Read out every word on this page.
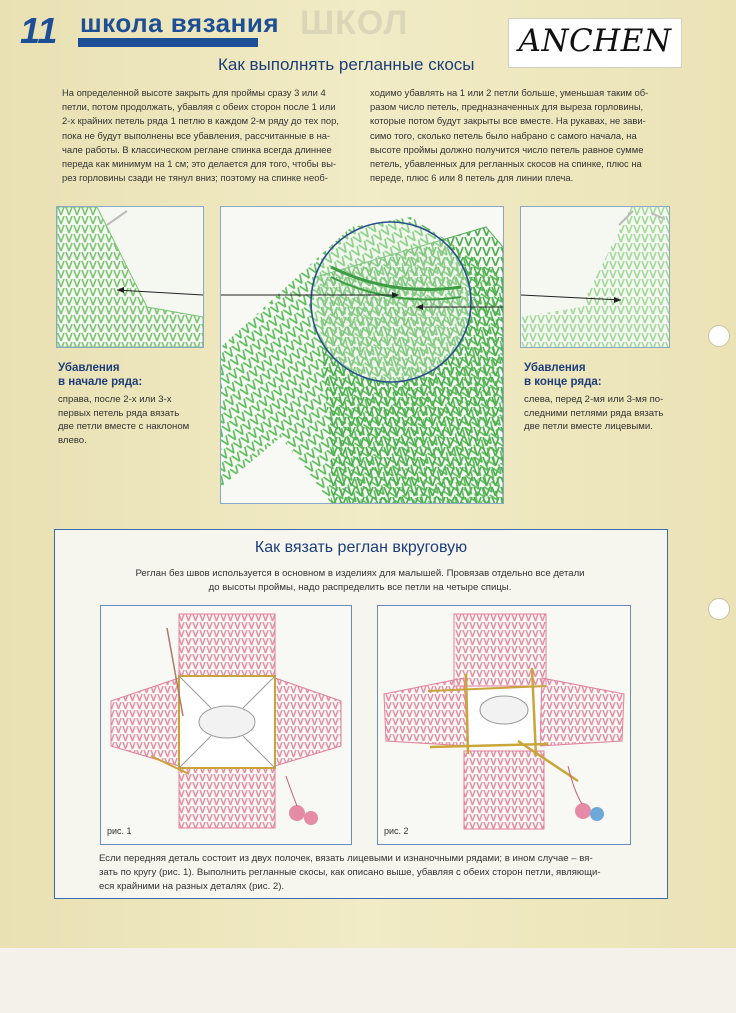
11 школа вязания ШКОЛ	ANCHEN
Как выполнять регланные скосы
На определенной высоте закрыть для проймы сразу 3 или 4
петли, потом продолжать, убавляя с обеих сторон после 1 или
2-х крайних петель ряда 1 петлю в каждом 2-м ряду до тех пор,
пока не будут выполнены все убавления, рассчитанные в на-
чале работы. В классическом реглане спинка всегда длиннее
переда как минимум на 1 см; это делается для того, чтобы вы-
рез горловины сзади не тянул вниз; поэтому на спинке необ-
ходимо убавлять на 1 или 2 петли больше, уменьшая таким об-
разом число петель, предназначенных для выреза горловины,
которые потом будут закрыты все вместе. На рукавах, не зави-
симо того, сколько петель было набрано с самого начала, на
высоте проймы должно получится число петель равное сумме
петель, убавленных для регланных скосов на спинке, плюс на
переде, плюс 6 или 8 петель для линии плеча.
Убавления
в начале ряда:
справа, после 2-х или 3-х
первых петель ряда вязать
две петли вместе с наклоном
влево.
Убавления
в конце ряда:
слева, перед 2-мя или 3-мя по-
следними петлями ряда вязать
две петли вместе лицевыми.
Как вязать реглан вкруговую
Реглан без швов используется в основном в изделиях для малышей. Провязав отдельно все детали
до высоты проймы, надо распределить все петли на четыре спицы.
рис. 1	рис. 2
Если передняя деталь состоит из двух полочек, вязать лицевыми и изнаночными рядами; в ином случае – вя-
зать по кругу (рис. 1). Выполнить регланные скосы, как описано выше, убавляя с обеих сторон петли, являющи-
еся крайними на разных деталях (рис. 2).
